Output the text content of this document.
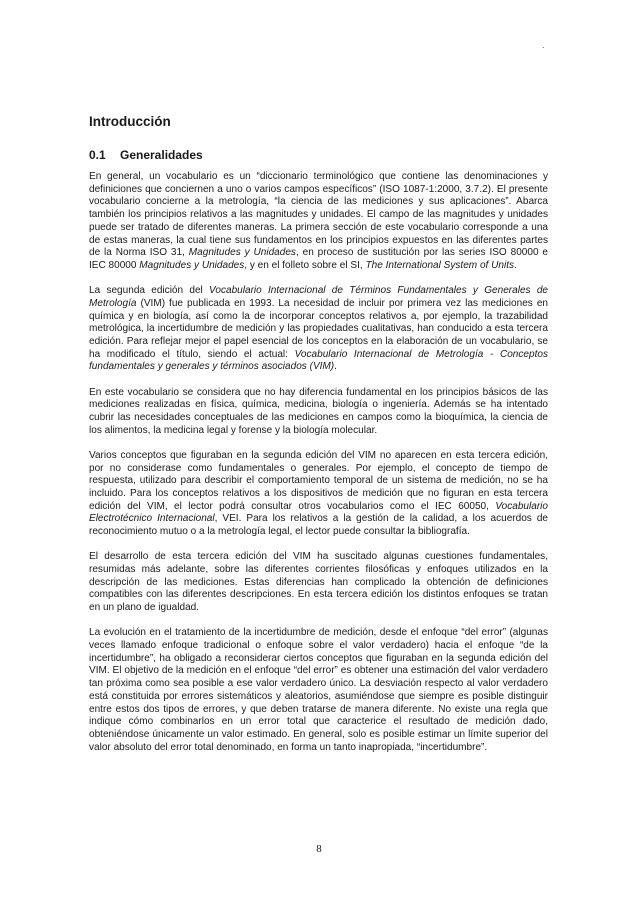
.
Introducción
0.1 Generalidades

En general, un vocabulario es un “diccionario terminológico que contiene las denominaciones y definiciones que conciernen a uno o varios campos específicos” (ISO 1087-1:2000, 3.7.2). El presente vocabulario concierne a la metrología, “la ciencia de las mediciones y sus aplicaciones”. Abarca también los principios relativos a las magnitudes y unidades. El campo de las magnitudes y unidades puede ser tratado de diferentes maneras. La primera sección de este vocabulario corresponde a una de estas maneras, la cual tiene sus fundamentos en los principios expuestos en las diferentes partes de la Norma ISO 31, Magnitudes y Unidades, en proceso de sustitución por las series ISO 80000 e IEC 80000 Magnitudes y Unidades, y en el folleto sobre el SI, The International System of Units.

La segunda edición del Vocabulario Internacional de Términos Fundamentales y Generales de Metrología (VIM) fue publicada en 1993. La necesidad de incluir por primera vez las mediciones en química y en biología, así como la de incorporar conceptos relativos a, por ejemplo, la trazabilidad metrológica, la incertidumbre de medición y las propiedades cualitativas, han conducido a esta tercera edición. Para reflejar mejor el papel esencial de los conceptos en la elaboración de un vocabulario, se ha modificado el título, siendo el actual: Vocabulario Internacional de Metrología - Conceptos fundamentales y generales y términos asociados (VIM).

En este vocabulario se considera que no hay diferencia fundamental en los principios básicos de las mediciones realizadas en física, química, medicina, biología o ingeniería. Además se ha intentado cubrir las necesidades conceptuales de las mediciones en campos como la bioquímica, la ciencia de los alimentos, la medicina legal y forense y la biología molecular.

Varios conceptos que figuraban en la segunda edición del VIM no aparecen en esta tercera edición, por no considerase como fundamentales o generales. Por ejemplo, el concepto de tiempo de respuesta, utilizado para describir el comportamiento temporal de un sistema de medición, no se ha incluido. Para los conceptos relativos a los dispositivos de medición que no figuran en esta tercera edición del VIM, el lector podrá consultar otros vocabularios como el IEC 60050, Vocabulario Electrotécnico Internacional, VEI. Para los relativos a la gestión de la calidad, a los acuerdos de reconocimiento mutuo o a la metrología legal, el lector puede consultar la bibliografía.

El desarrollo de esta tercera edición del VIM ha suscitado algunas cuestiones fundamentales, resumidas más adelante, sobre las diferentes corrientes filosóficas y enfoques utilizados en la descripción de las mediciones. Estas diferencias han complicado la obtención de definiciones compatibles con las diferentes descripciones. En esta tercera edición los distintos enfoques se tratan en un plano de igualdad.

La evolución en el tratamiento de la incertidumbre de medición, desde el enfoque “del error” (algunas veces llamado enfoque tradicional o enfoque sobre el valor verdadero) hacia el enfoque “de la incertidumbre”, ha obligado a reconsiderar ciertos conceptos que figuraban en la segunda edición del VIM. El objetivo de la medición en el enfoque “del error” es obtener una estimación del valor verdadero tan próxima como sea posible a ese valor verdadero único. La desviación respecto al valor verdadero está constituida por errores sistemáticos y aleatorios, asumiéndose que siempre es posible distinguir entre estos dos tipos de errores, y que deben tratarse de manera diferente. No existe una regla que indique cómo combinarlos en un error total que caracterice el resultado de medición dado, obteniéndose únicamente un valor estimado. En general, solo es posible estimar un límite superior del valor absoluto del error total denominado, en forma un tanto inapropiada, “incertidumbre”.

8
